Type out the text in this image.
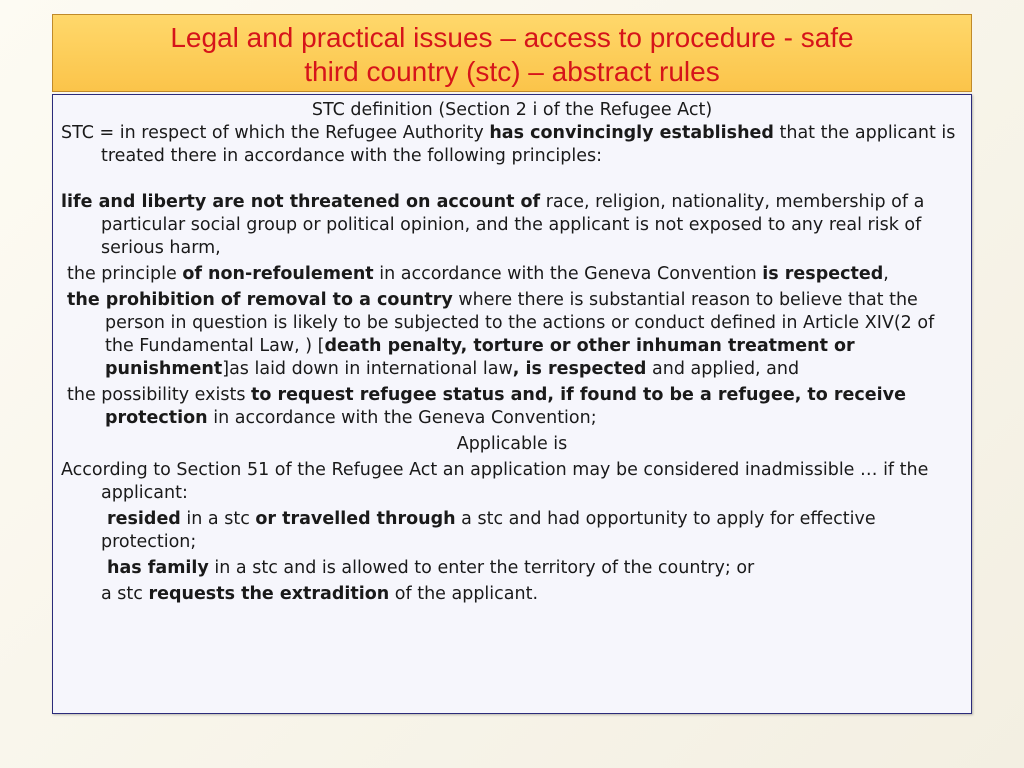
Legal and practical issues – access to procedure - safe
third country (stc) – abstract rules
STC definition (Section 2 i of the Refugee Act)
STC = in respect of which the Refugee Authority has convincingly established that the applicant is treated there in accordance with the following principles:
life and liberty are not threatened on account of race, religion, nationality, membership of a particular social group or political opinion, and the applicant is not exposed to any real risk of serious harm,
the principle of non-refoulement in accordance with the Geneva Convention is respected,
the prohibition of removal to a country where there is substantial reason to believe that the person in question is likely to be subjected to the actions or conduct defined in Article XIV(2 of the Fundamental Law, ) [death penalty, torture or other inhuman treatment or punishment]as laid down in international law, is respected and applied, and
the possibility exists to request refugee status and, if found to be a refugee, to receive protection in accordance with the Geneva Convention;
Applicable is
According to Section 51 of the Refugee Act an application may be considered inadmissible … if the applicant:
resided in a stc or travelled through a stc and had opportunity to apply for effective protection;
has family in a stc and is allowed to enter the territory of the country; or
a stc requests the extradition of the applicant.
